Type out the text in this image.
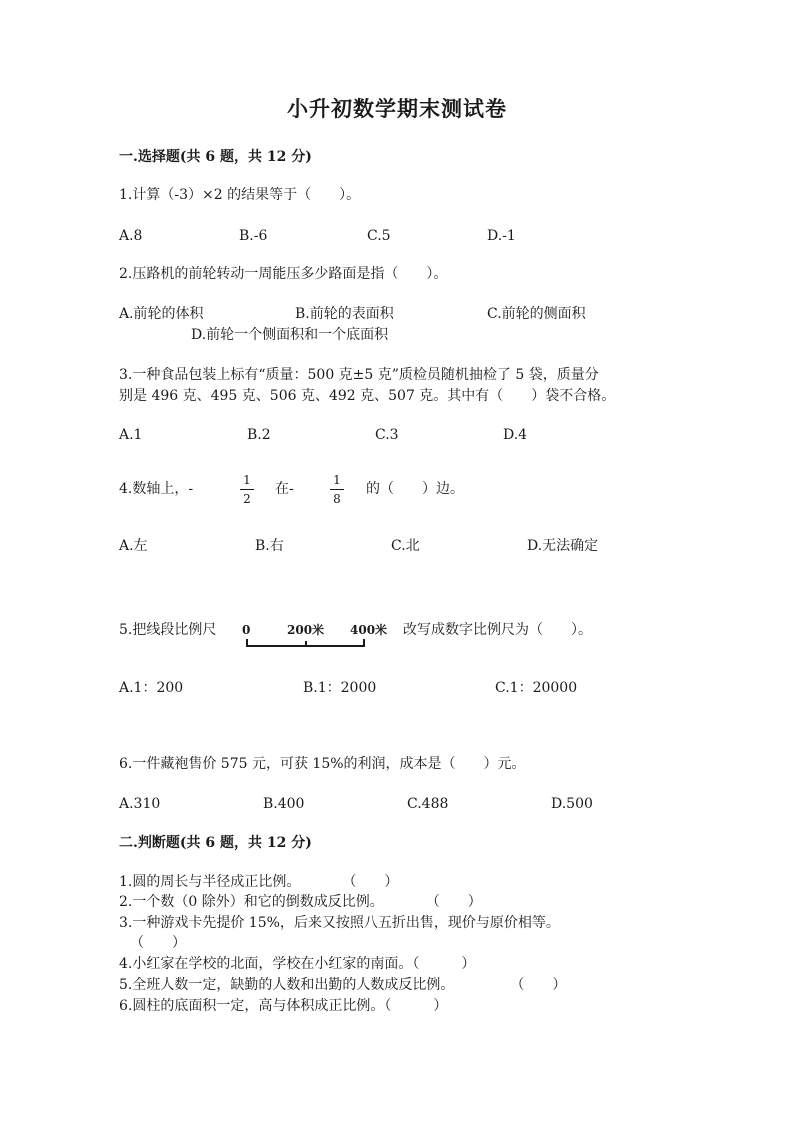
小升初数学期末测试卷
一.选择题(共 6 题，共 12 分)
1.计算（-3）×2 的结果等于（　　）。
A.8	B.-6	C.5	D.-1
2.压路机的前轮转动一周能压多少路面是指（　　）。
A.前轮的体积	B.前轮的表面积	C.前轮的侧面积
D.前轮一个侧面积和一个底面积
3.一种食品包装上标有“质量：500 克±5 克”质检员随机抽检了 5 袋，质量分
别是 496 克、495 克、506 克、492 克、507 克。其中有（　　）袋不合格。
A.1	B.2	C.3	D.4
4.数轴上，-
1
2
在-
1
8
的（　　）边。
A.左	B.右	C.北	D.无法确定
5.把线段比例尺 0	200米 400米 改写成数字比例尺为（　　）。
A.1：200	B.1：2000	C.1：20000
6.一件藏袍售价 575 元，可获 15%的利润，成本是（　　）元。
A.310	B.400	C.488	D.500
二.判断题(共 6 题，共 12 分)
1.圆的周长与半径成正比例。　　　　（　　）
2.一个数（0 除外）和它的倒数成反比例。　　　　（　　）
3.一种游戏卡先提价 15%，后来又按照八五折出售，现价与原价相等。
（　　）
4.小红家在学校的北面，学校在小红家的南面。（　　　）
5.全班人数一定，缺勤的人数和出勤的人数成反比例。　　　　　（　　）
6.圆柱的底面积一定，高与体积成正比例。（　　　）
